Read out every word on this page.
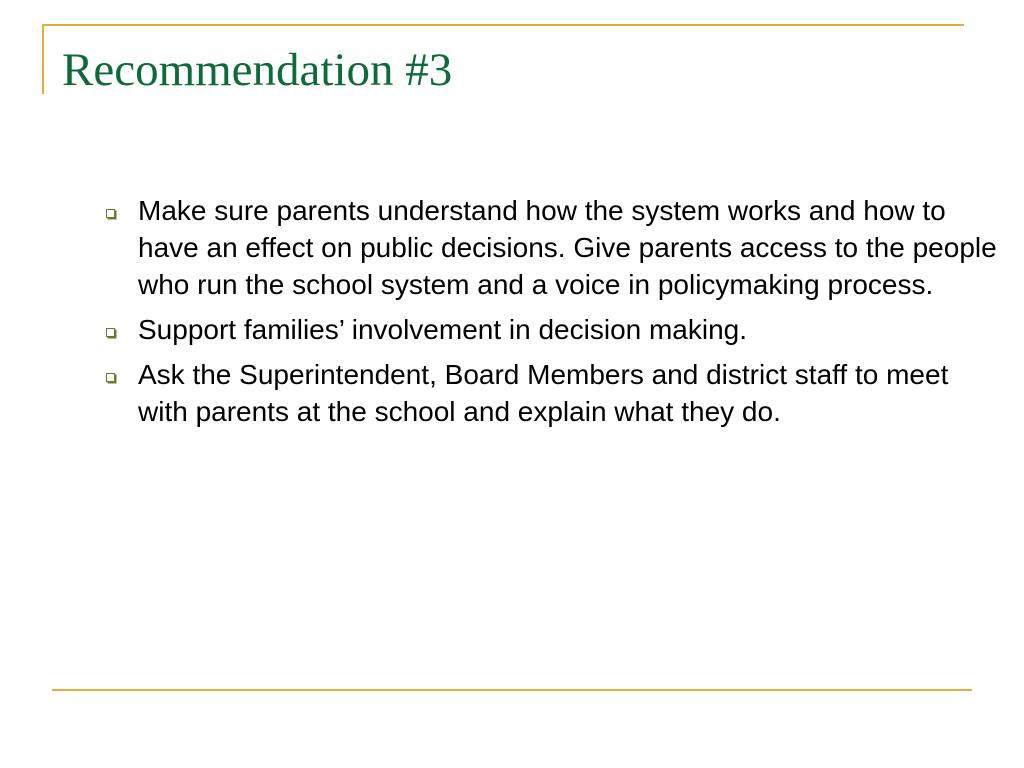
Recommendation #3
Make sure parents understand how the system works and how to have an effect on public decisions. Give parents access to the people who run the school system and a voice in policymaking process.
Support families’ involvement in decision making.
Ask the Superintendent, Board Members and district staff to meet with parents at the school and explain what they do.
